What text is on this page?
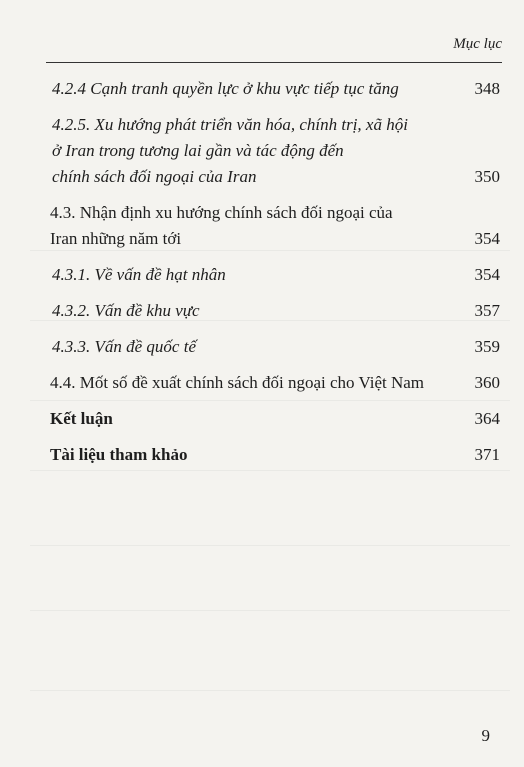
Mục lục
4.2.4 Cạnh tranh quyền lực ở khu vực tiếp tục tăng	348
4.2.5. Xu hướng phát triển văn hóa, chính trị, xã hội
ở Iran trong tương lai gần và tác động đến
chính sách đối ngoại của Iran	350
4.3. Nhận định xu hướng chính sách đối ngoại của
Iran những năm tới	354
4.3.1. Về vấn đề hạt nhân	354
4.3.2. Vấn đề khu vực	357
4.3.3. Vấn đề quốc tế	359
4.4. Mốt số đề xuất chính sách đối ngoại cho Việt Nam	360
Kết luận	364
Tài liệu tham khảo	371
9
